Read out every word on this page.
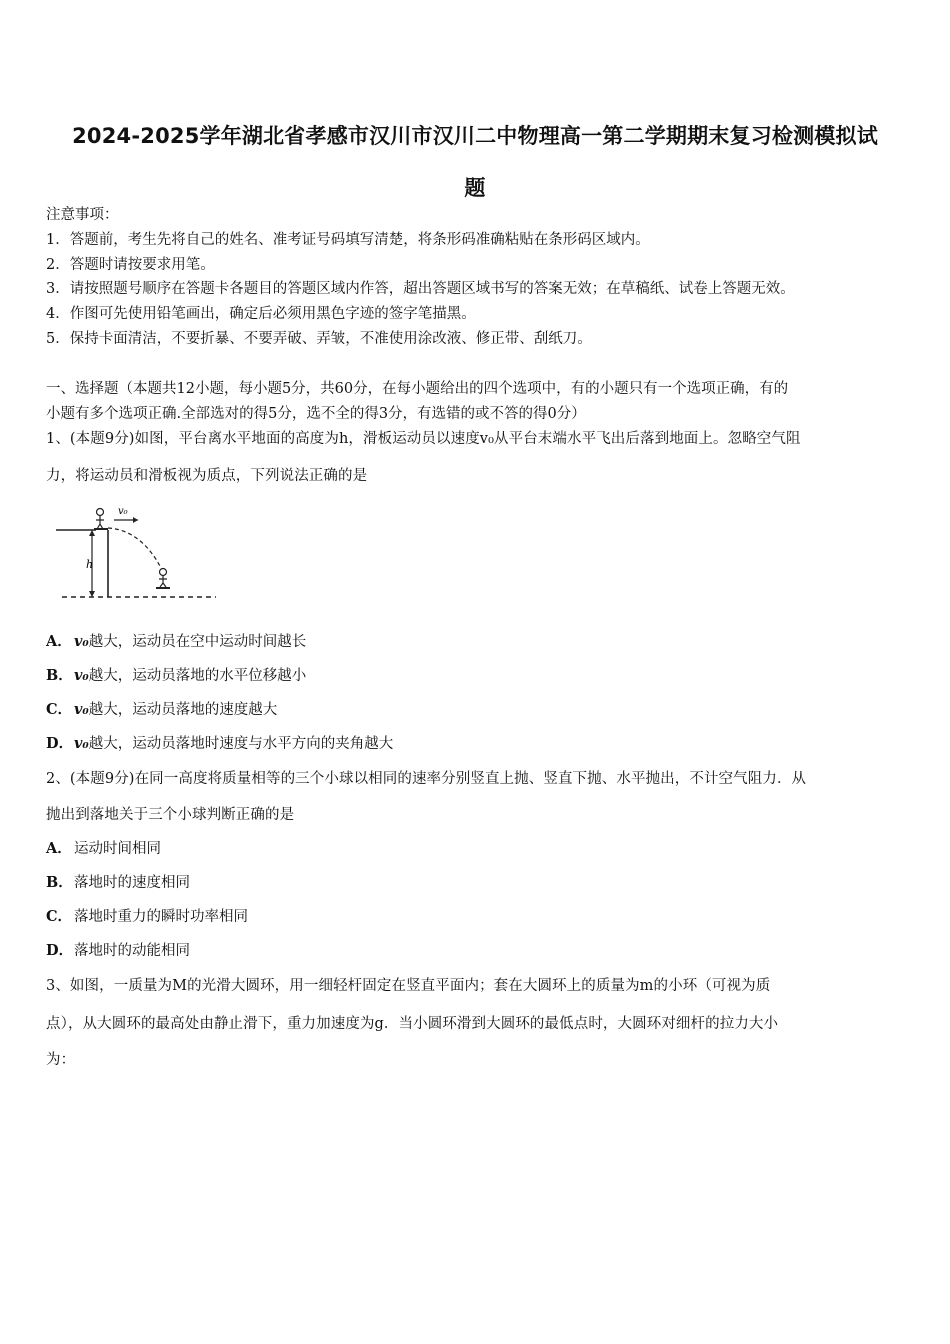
2024-2025学年湖北省孝感市汉川市汉川二中物理高一第二学期期末复习检测模拟试
题
注意事项：
1．答题前，考生先将自己的姓名、准考证号码填写清楚，将条形码准确粘贴在条形码区域内。
2．答题时请按要求用笔。
3．请按照题号顺序在答题卡各题目的答题区域内作答，超出答题区域书写的答案无效；在草稿纸、试卷上答题无效。
4．作图可先使用铅笔画出，确定后必须用黑色字迹的签字笔描黑。
5．保持卡面清洁，不要折暴、不要弄破、弄皱，不准使用涂改液、修正带、刮纸刀。
一、选择题（本题共12小题，每小题5分，共60分，在每小题给出的四个选项中，有的小题只有一个选项正确，有的
小题有多个选项正确.全部选对的得5分，选不全的得3分，有选错的或不答的得0分）
1、(本题9分)如图，平台离水平地面的高度为h，滑板运动员以速度v₀从平台末端水平飞出后落到地面上。忽略空气阻
力，将运动员和滑板视为质点，下列说法正确的是
h
v₀
A． v₀越大，运动员在空中运动时间越长
B．v₀越大，运动员落地的水平位移越小
C． v₀越大，运动员落地的速度越大
D．v₀越大，运动员落地时速度与水平方向的夹角越大
2、(本题9分)在同一高度将质量相等的三个小球以相同的速率分别竖直上抛、竖直下抛、水平抛出，不计空气阻力．从
抛出到落地关于三个小球判断正确的是
A． 运动时间相同
B．落地时的速度相同
C． 落地时重力的瞬时功率相同
D．落地时的动能相同
3、如图，一质量为M的光滑大圆环，用一细轻杆固定在竖直平面内；套在大圆环上的质量为m的小环（可视为质
点），从大圆环的最高处由静止滑下，重力加速度为g．当小圆环滑到大圆环的最低点时，大圆环对细杆的拉力大小
为：
